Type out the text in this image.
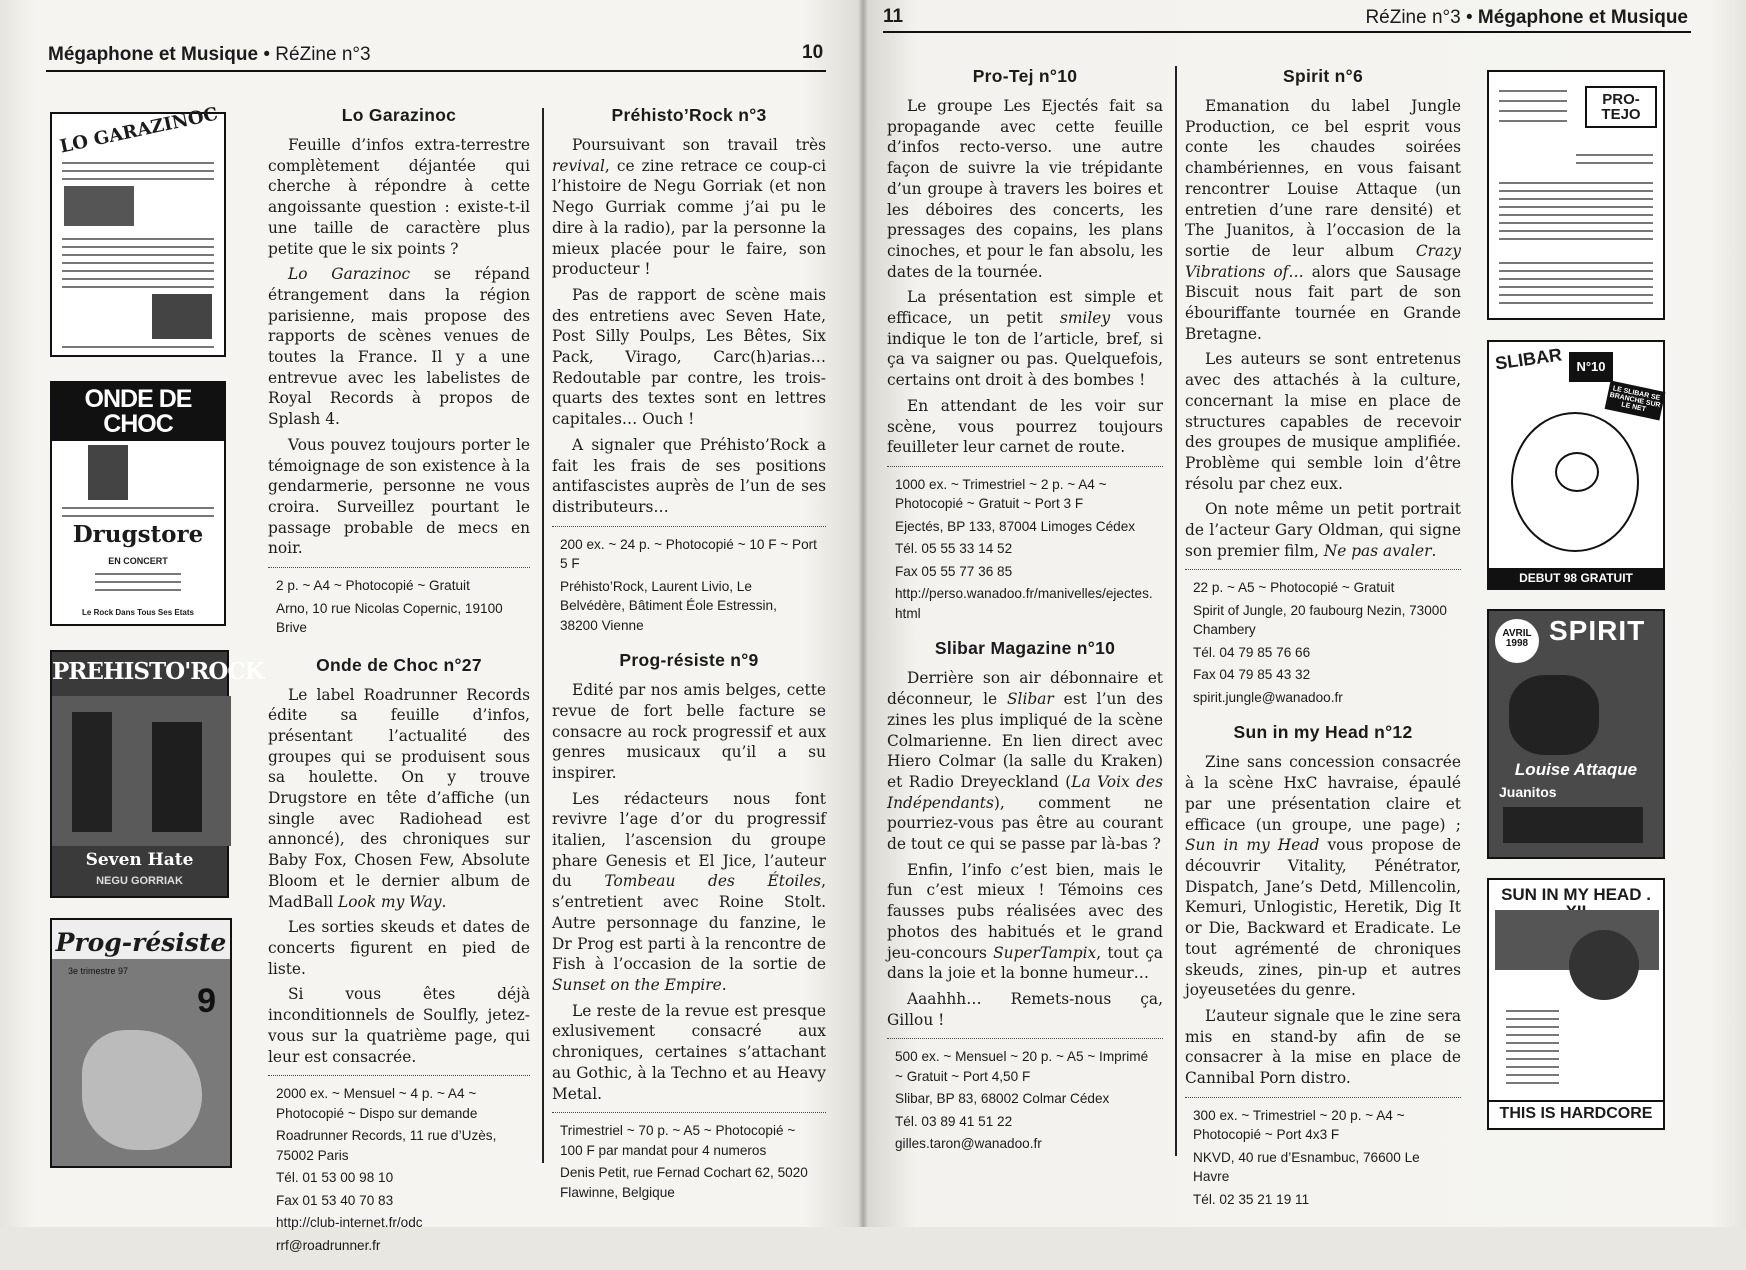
Mégaphone et Musique • RéZine n°3	10
LO GARAZINOC
ONDE DE CHOC
Drugstore
EN CONCERT
Le Rock Dans Tous Ses Etats
PREHISTO'ROCK
Seven Hate
NEGU GORRIAK
Prog-résiste
3e trimestre 97
9
Lo Garazinoc

Feuille d’infos extra-terrestre complètement déjantée qui cherche à répondre à cette angoissante question : existe-t-il une taille de caractère plus petite que le six points ?

Lo Garazinoc se répand étrangement dans la région parisienne, mais propose des rapports de scènes venues de toutes la France. Il y a une entrevue avec les labelistes de Royal Records à propos de Splash 4.

Vous pouvez toujours porter le témoignage de son existence à la gendarmerie, personne ne vous croira. Surveillez pourtant le passage probable de mecs en noir.

2 p. ~ A4 ~ Photocopié ~ Gratuit
Arno, 10 rue Nicolas Copernic, 19100 Brive
Onde de Choc n°27

Le label Roadrunner Records édite sa feuille d’infos, présentant l’actualité des groupes qui se produisent sous sa houlette. On y trouve Drugstore en tête d’affiche (un single avec Radiohead est annoncé), des chroniques sur Baby Fox, Chosen Few, Absolute Bloom et le dernier album de MadBall Look my Way.

Les sorties skeuds et dates de concerts figurent en pied de liste.

Si vous êtes déjà inconditionnels de Soulfly, jetez-vous sur la quatrième page, qui leur est consacrée.

2000 ex. ~ Mensuel ~ 4 p. ~ A4 ~ Photocopié ~ Dispo sur demande
Roadrunner Records, 11 rue d’Uzès, 75002 Paris
Tél. 01 53 00 98 10
Fax 01 53 40 70 83
http://club-internet.fr/odc
rrf@roadrunner.fr
Préhisto’Rock n°3

Poursuivant son travail très revival, ce zine retrace ce coup-ci l’histoire de Negu Gorriak (et non Nego Gurriak comme j’ai pu le dire à la radio), par la personne la mieux placée pour le faire, son producteur !

Pas de rapport de scène mais des entretiens avec Seven Hate, Post Silly Poulps, Les Bêtes, Six Pack, Virago, Carc(h)arias… Redoutable par contre, les trois-quarts des textes sont en lettres capitales… Ouch !

A signaler que Préhisto’Rock a fait les frais de ses positions antifascistes auprès de l’un de ses distributeurs…

200 ex. ~ 24 p. ~ Photocopié ~ 10 F ~ Port 5 F
Préhisto’Rock, Laurent Livio, Le Belvédère, Bâtiment Éole Estressin, 38200 Vienne
Prog-résiste n°9

Edité par nos amis belges, cette revue de fort belle facture se consacre au rock progressif et aux genres musicaux qu’il a su inspirer.

Les rédacteurs nous font revivre l’age d’or du progressif italien, l’ascension du groupe phare Genesis et El Jice, l’auteur du Tombeau des Étoiles, s’entretient avec Roine Stolt. Autre personnage du fanzine, le Dr Prog est parti à la rencontre de Fish à l’occasion de la sortie de Sunset on the Empire.

Le reste de la revue est presque exlusivement consacré aux chroniques, certaines s’attachant au Gothic, à la Techno et au Heavy Metal.

Trimestriel ~ 70 p. ~ A5 ~ Photocopié ~ 100 F par mandat pour 4 numeros
Denis Petit, rue Fernad Cochart 62, 5020 Flawinne, Belgique
11	RéZine n°3 • Mégaphone et Musique
Pro-Tej n°10

Le groupe Les Ejectés fait sa propagande avec cette feuille d’infos recto-verso. une autre façon de suivre la vie trépidante d’un groupe à travers les boires et les déboires des concerts, les pressages des copains, les plans cinoches, et pour le fan absolu, les dates de la tournée.

La présentation est simple et efficace, un petit smiley vous indique le ton de l’article, bref, si ça va saigner ou pas. Quelquefois, certains ont droit à des bombes !

En attendant de les voir sur scène, vous pourrez toujours feuilleter leur carnet de route.

1000 ex. ~ Trimestriel ~ 2 p. ~ A4 ~ Photocopié ~ Gratuit ~ Port 3 F
Ejectés, BP 133, 87004 Limoges Cédex
Tél. 05 55 33 14 52
Fax 05 55 77 36 85
http://perso.wanadoo.fr/manivelles/ejectes.html
Slibar Magazine n°10

Derrière son air débonnaire et déconneur, le Slibar est l’un des zines les plus impliqué de la scène Colmarienne. En lien direct avec Hiero Colmar (la salle du Kraken) et Radio Dreyeckland (La Voix des Indépendants), comment ne pourriez-vous pas être au courant de tout ce qui se passe par là-bas ?

Enfin, l’info c’est bien, mais le fun c’est mieux ! Témoins ces fausses pubs réalisées avec des photos des habitués et le grand jeu-concours SuperTampix, tout ça dans la joie et la bonne humeur…

Aaahhh… Remets-nous ça, Gillou !

500 ex. ~ Mensuel ~ 20 p. ~ A5 ~ Imprimé ~ Gratuit ~ Port 4,50 F
Slibar, BP 83, 68002 Colmar Cédex
Tél. 03 89 41 51 22
gilles.taron@wanadoo.fr
Spirit n°6

Emanation du label Jungle Production, ce bel esprit vous conte les chaudes soirées chambériennes, en vous faisant rencontrer Louise Attaque (un entretien d’une rare densité) et The Juanitos, à l’occasion de la sortie de leur album Crazy Vibrations of… alors que Sausage Biscuit nous fait part de son ébouriffante tournée en Grande Bretagne.

Les auteurs se sont entretenus avec des attachés à la culture, concernant la mise en place de structures capables de recevoir des groupes de musique amplifiée. Problème qui semble loin d’être résolu par chez eux.

On note même un petit portrait de l’acteur Gary Oldman, qui signe son premier film, Ne pas avaler.

22 p. ~ A5 ~ Photocopié ~ Gratuit
Spirit of Jungle, 20 faubourg Nezin, 73000 Chambery
Tél. 04 79 85 76 66
Fax 04 79 85 43 32
spirit.jungle@wanadoo.fr
Sun in my Head n°12

Zine sans concession consacrée à la scène HxC havraise, épaulé par une présentation claire et efficace (un groupe, une page) ; Sun in my Head vous propose de découvrir Vitality, Pénétrator, Dispatch, Jane’s Detd, Millencolin, Kemuri, Unlogistic, Heretik, Dig It or Die, Backward et Eradicate. Le tout agrémenté de chroniques skeuds, zines, pin-up et autres joyeusetées du genre.

L’auteur signale que le zine sera mis en stand-by afin de se consacrer à la mise en place de Cannibal Porn distro.

300 ex. ~ Trimestriel ~ 20 p. ~ A4 ~ Photocopié ~ Port 4x3 F
NKVD, 40 rue d’Esnambuc, 76600 Le Havre
Tél. 02 35 21 19 11
PRO-TEJO
SLIBAR	N°10
LE SLIBAR SE BRANCHE SUR LE NET
DEBUT 98 GRATUIT
AVRIL 1998 SPIRIT
Louise Attaque
Juanitos
SUN IN MY HEAD .
THIS IS HARDCORE
